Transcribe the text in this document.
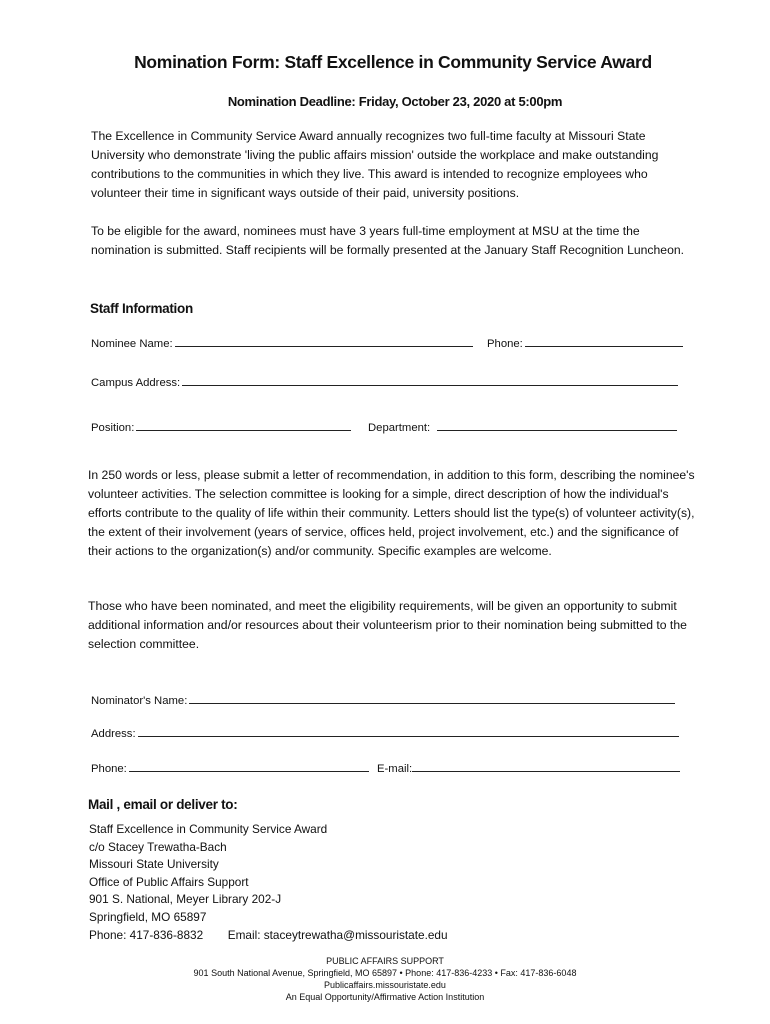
Nomination Form: Staff Excellence in Community Service Award
Nomination Deadline: Friday, October 23, 2020 at 5:00pm
The Excellence in Community Service Award annually recognizes two full-time faculty at Missouri State University who demonstrate 'living the public affairs mission' outside the workplace and make outstanding contributions to the communities in which they live. This award is intended to recognize employees who volunteer their time in significant ways outside of their paid, university positions.
To be eligible for the award, nominees must have 3 years full-time employment at MSU at the time the nomination is submitted. Staff recipients will be formally presented at the January Staff Recognition Luncheon.
Staff Information
Nominee Name:	Phone:
Campus Address:
Position:	Department:
In 250 words or less, please submit a letter of recommendation, in addition to this form, describing the nominee's volunteer activities. The selection committee is looking for a simple, direct description of how the individual's efforts contribute to the quality of life within their community. Letters should list the type(s) of volunteer activity(s), the extent of their involvement (years of service, offices held, project involvement, etc.) and the significance of their actions to the organization(s) and/or community. Specific examples are welcome.
Those who have been nominated, and meet the eligibility requirements, will be given an opportunity to submit additional information and/or resources about their volunteerism prior to their nomination being submitted to the selection committee.
Nominator's Name:
Address:
Phone:	E-mail:
Mail , email or deliver to:
Staff Excellence in Community Service Award
c/o Stacey Trewatha-Bach
Missouri State University
Office of Public Affairs Support
901 S. National, Meyer Library 202-J
Springfield, MO 65897
Phone: 417-836-8832 Email: staceytrewatha@missouristate.edu
PUBLIC AFFAIRS SUPPORT
901 South National Avenue, Springfield, MO 65897 • Phone: 417-836-4233 • Fax: 417-836-6048
Publicaffairs.missouristate.edu
An Equal Opportunity/Affirmative Action Institution
